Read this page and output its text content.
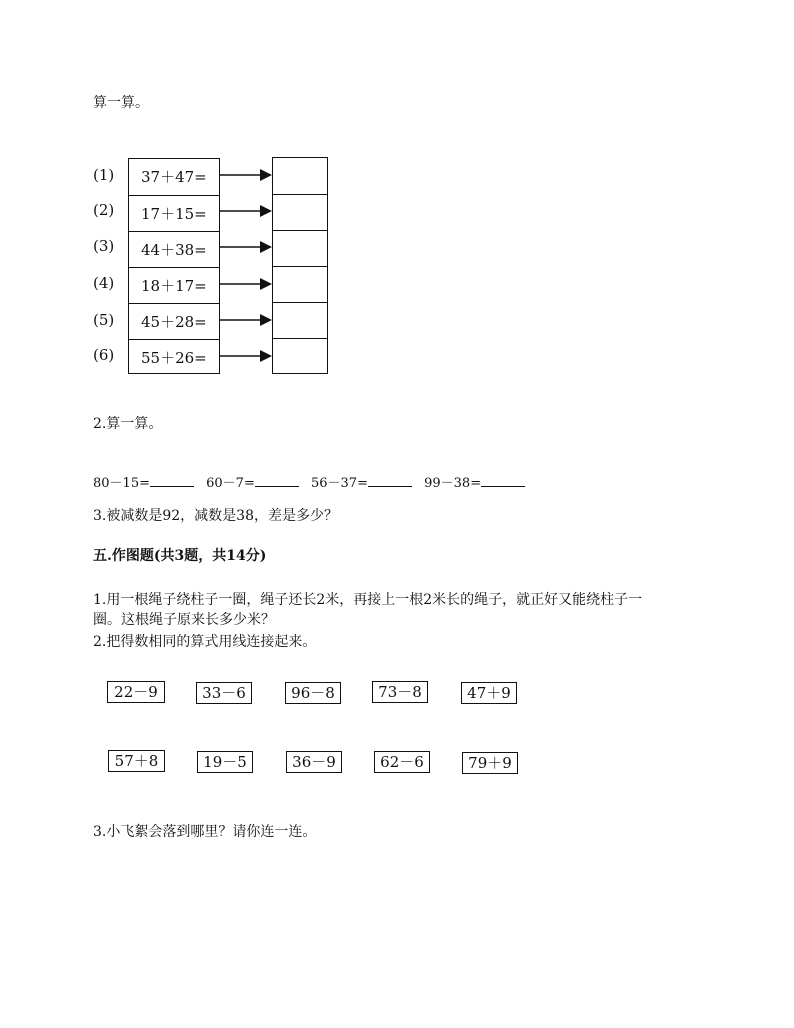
算一算。
(1)
(2)
(3)
(4)
(5)
(6)
37＋47=
17＋15=
44＋38=
18＋17=
45＋28=
55＋26=
2.算一算。
80－15=	60－7=	56－37=	99－38=
3.被减数是92，减数是38，差是多少？
五.作图题(共3题，共14分)
1.用一根绳子绕柱子一圈，绳子还长2米，再接上一根2米长的绳子，就正好又能绕柱子一
圈。这根绳子原来长多少米？
2.把得数相同的算式用线连接起来。
22－9	33－6	96－8	73－8	47＋9
57＋8	19－5	36－9	62－6	79＋9
3.小飞絮会落到哪里？请你连一连。
